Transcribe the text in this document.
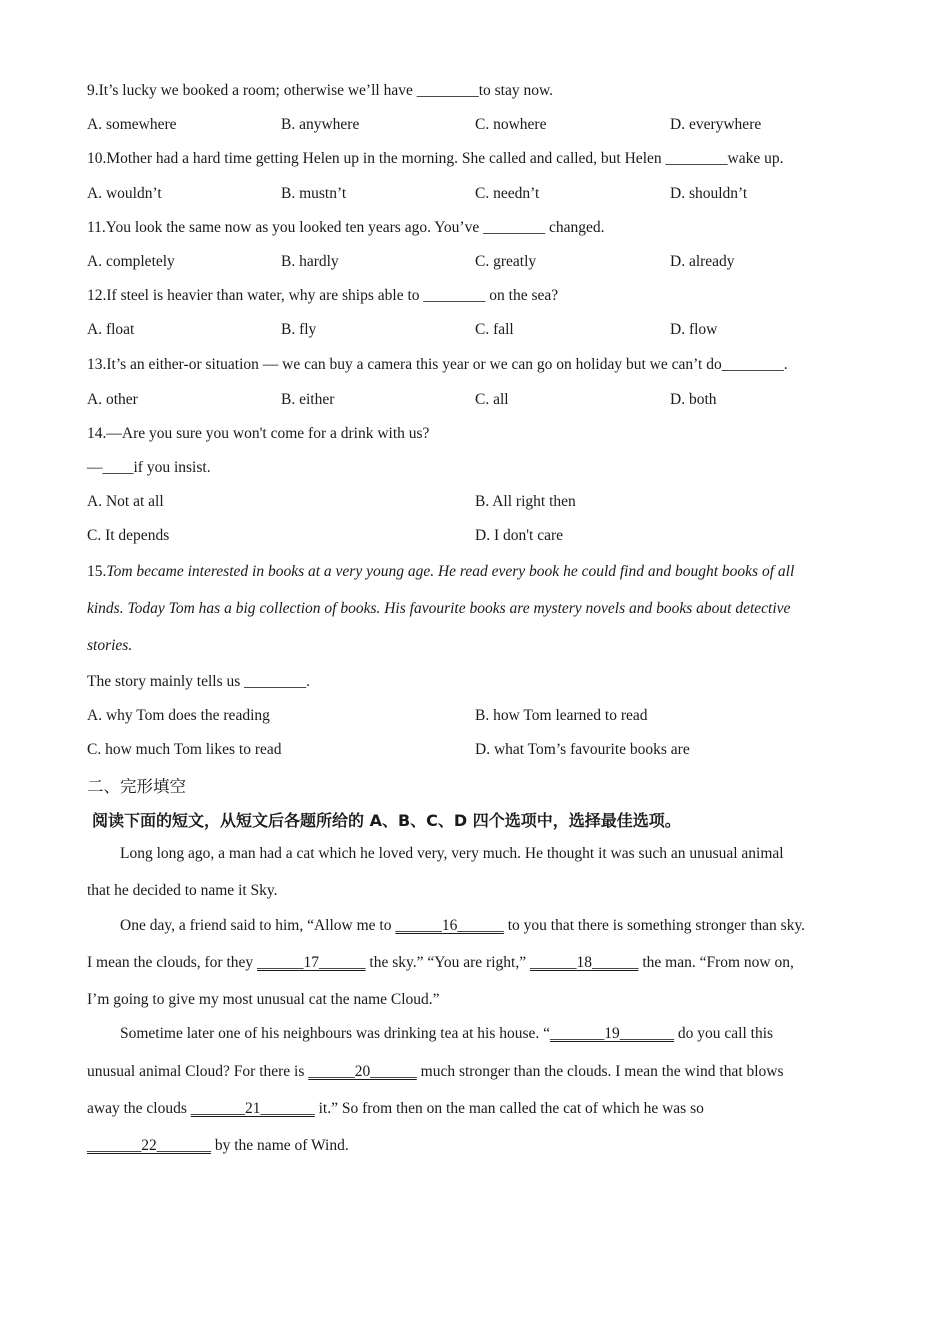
9.It’s lucky we booked a room; otherwise we’ll have ________to stay now.
A. somewhere	B. anywhere	C. nowhere	D. everywhere
10.Mother had a hard time getting Helen up in the morning. She called and called, but Helen ________wake up.
A. wouldn’t	B. mustn’t	C. needn’t	D. shouldn’t
11.You look the same now as you looked ten years ago. You’ve ________ changed.
A. completely	B. hardly	C. greatly	D. already
12.If steel is heavier than water, why are ships able to ________ on the sea?
A. float	B. fly	C. fall	D. flow
13.It’s an either-or situation — we can buy a camera this year or we can go on holiday but we can’t do________.
A. other	B. either	C. all	D. both
14.—Are you sure you won't come for a drink with us?
—____if you insist.
A. Not at all	B. All right then
C. It depends	D. I don't care
15.Tom became interested in books at a very young age. He read every book he could find and bought books of all
kinds. Today Tom has a big collection of books. His favourite books are mystery novels and books about detective
stories.
The story mainly tells us ________.
A. why Tom does the reading	B. how Tom learned to read
C. how much Tom likes to read	D. what Tom’s favourite books are
二、完形填空
阅读下面的短文，从短文后各题所给的 A、B、C、D 四个选项中，选择最佳选项。
Long long ago, a man had a cat which he loved very, very much. He thought it was such an unusual animal
that he decided to name it Sky.
One day, a friend said to him, “Allow me to ______16______ to you that there is something stronger than sky.
I mean the clouds, for they ______17______ the sky.” “You are right,” ______18______ the man. “From now on,
I’m going to give my most unusual cat the name Cloud.”
Sometime later one of his neighbours was drinking tea at his house. “_______19_______ do you call this
unusual animal Cloud? For there is ______20______ much stronger than the clouds. I mean the wind that blows
away the clouds _______21_______ it.” So from then on the man called the cat of which he was so
_______22_______ by the name of Wind.
